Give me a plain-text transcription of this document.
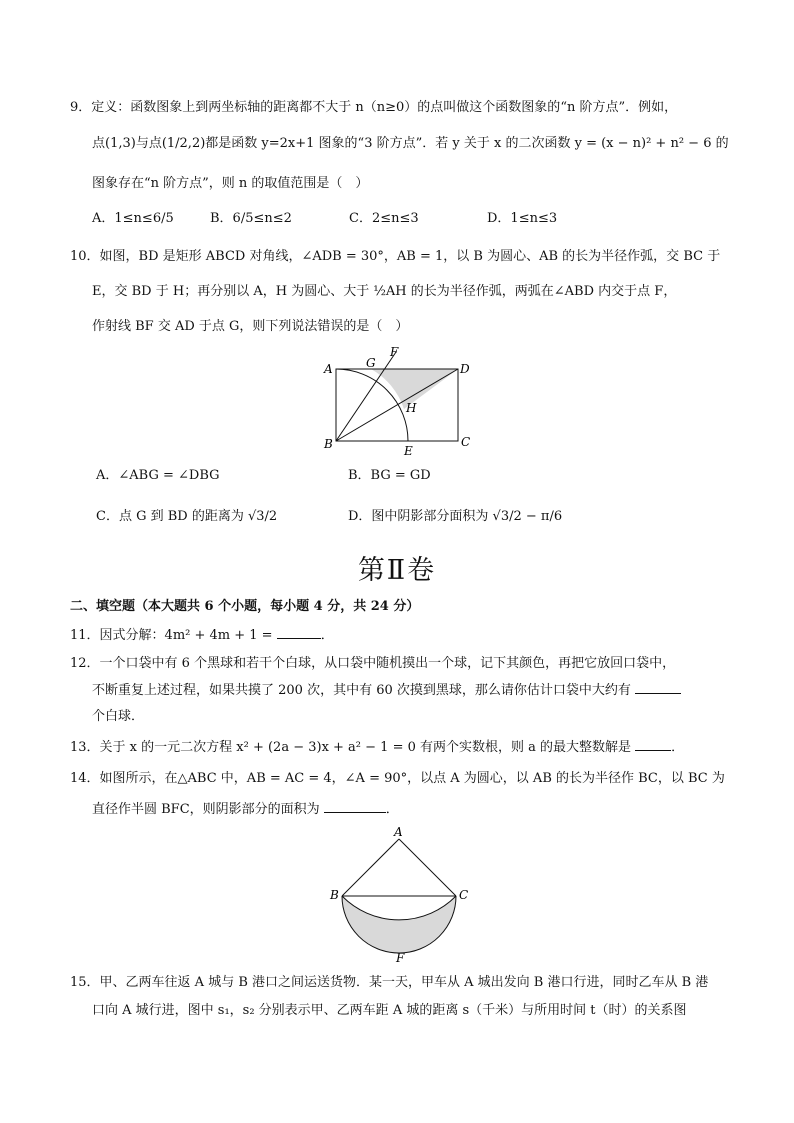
9．定义：函数图象上到两坐标轴的距离都不大于 n（n≥0）的点叫做这个函数图象的“n 阶方点”．例如，
点(1,3)与点(1/2,2)都是函数 y=2x+1 图象的“3 阶方点”．若 y 关于 x 的二次函数 y = (x − n)² + n² − 6 的
图象存在“n 阶方点”，则 n 的取值范围是（　）
A．1≤n≤6/5	B．6/5≤n≤2	C．2≤n≤3	D．1≤n≤3
10．如图，BD 是矩形 ABCD 对角线，∠ADB = 30°，AB = 1，以 B 为圆心、AB 的长为半径作弧，交 BC 于
E，交 BD 于 H；再分别以 A，H 为圆心、大于 ½AH 的长为半径作弧，两弧在∠ABD 内交于点 F，
作射线 BF 交 AD 于点 G，则下列说法错误的是（　）
A
B	C
D
E
F
G
H
A．∠ABG = ∠DBG	B．BG = GD
C．点 G 到 BD 的距离为 √3/2	D．图中阴影部分面积为 √3/2 − π/6
第Ⅱ卷
二、填空题（本大题共 6 个小题，每小题 4 分，共 24 分）
11．因式分解：4m² + 4m + 1 =	．
12．一个口袋中有 6 个黑球和若干个白球，从口袋中随机摸出一个球，记下其颜色，再把它放回口袋中，
不断重复上述过程，如果共摸了 200 次，其中有 60 次摸到黑球，那么请你估计口袋中大约有
个白球．
13．关于 x 的一元二次方程 x² + (2a − 3)x + a² − 1 = 0 有两个实数根，则 a 的最大整数解是	．
14．如图所示，在△ABC 中，AB = AC = 4，∠A = 90°，以点 A 为圆心，以 AB 的长为半径作 BC，以 BC 为
直径作半圆 BFC，则阴影部分的面积为	．
A
B	C
F
15．甲、乙两车往返 A 城与 B 港口之间运送货物．某一天，甲车从 A 城出发向 B 港口行进，同时乙车从 B 港
口向 A 城行进，图中 s₁，s₂ 分别表示甲、乙两车距 A 城的距离 s（千米）与所用时间 t（时）的关系图
